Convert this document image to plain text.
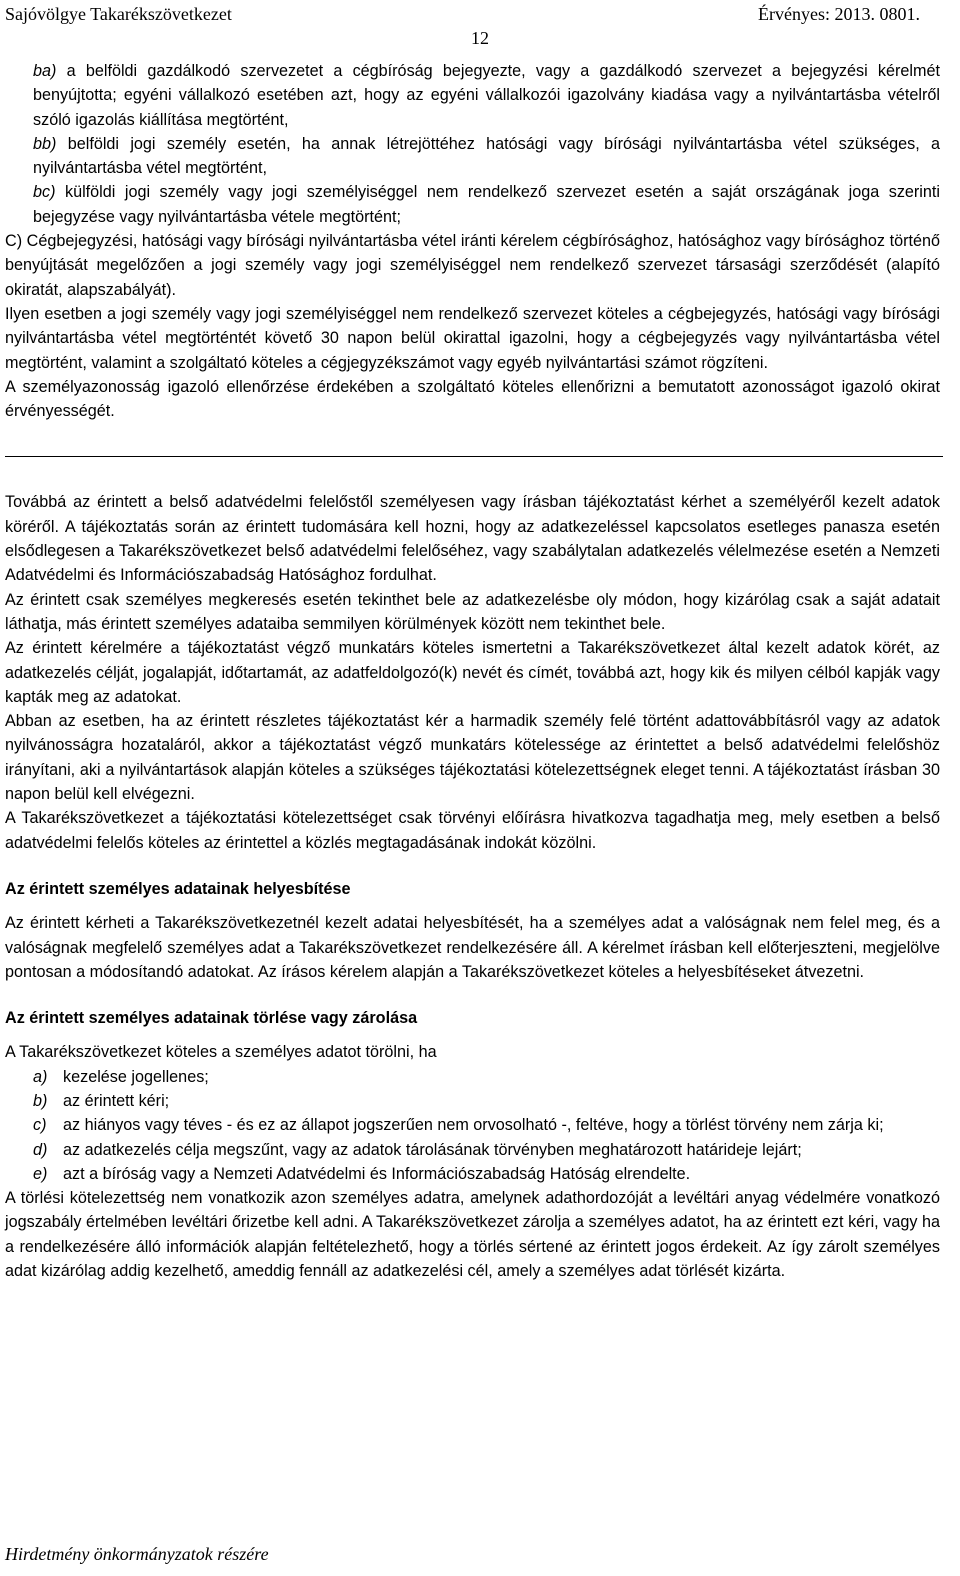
Sajóvölgye Takarékszövetkezet	Érvényes: 2013. 0801.
12

ba) a belföldi gazdálkodó szervezetet a cégbíróság bejegyezte, vagy a gazdálkodó szervezet a bejegyzési kérelmét benyújtotta; egyéni vállalkozó esetében azt, hogy az egyéni vállalkozói igazolvány kiadása vagy a nyilvántartásba vételről szóló igazolás kiállítása megtörtént,

bb) belföldi jogi személy esetén, ha annak létrejöttéhez hatósági vagy bírósági nyilvántartásba vétel szükséges, a nyilvántartásba vétel megtörtént,

bc) külföldi jogi személy vagy jogi személyiséggel nem rendelkező szervezet esetén a saját országának joga szerinti bejegyzése vagy nyilvántartásba vétele megtörtént;

C) Cégbejegyzési, hatósági vagy bírósági nyilvántartásba vétel iránti kérelem cégbírósághoz, hatósághoz vagy bírósághoz történő benyújtását megelőzően a jogi személy vagy jogi személyiséggel nem rendelkező szervezet társasági szerződését (alapító okiratát, alapszabályát).

Ilyen esetben a jogi személy vagy jogi személyiséggel nem rendelkező szervezet köteles a cégbejegyzés, hatósági vagy bírósági nyilvántartásba vétel megtörténtét követő 30 napon belül okirattal igazolni, hogy a cégbejegyzés vagy nyilvántartásba vétel megtörtént, valamint a szolgáltató köteles a cégjegyzékszámot vagy egyéb nyilvántartási számot rögzíteni.

A személyazonosság igazoló ellenőrzése érdekében a szolgáltató köteles ellenőrizni a bemutatott azonosságot igazoló okirat érvényességét.

Továbbá az érintett a belső adatvédelmi felelőstől személyesen vagy írásban tájékoztatást kérhet a személyéről kezelt adatok köréről. A tájékoztatás során az érintett tudomására kell hozni, hogy az adatkezeléssel kapcsolatos esetleges panasza esetén elsődlegesen a Takarékszövetkezet belső adatvédelmi felelőséhez, vagy szabálytalan adatkezelés vélelmezése esetén a Nemzeti Adatvédelmi és Információszabadság Hatósághoz fordulhat.

Az érintett csak személyes megkeresés esetén tekinthet bele az adatkezelésbe oly módon, hogy kizárólag csak a saját adatait láthatja, más érintett személyes adataiba semmilyen körülmények között nem tekinthet bele.

Az érintett kérelmére a tájékoztatást végző munkatárs köteles ismertetni a Takarékszövetkezet által kezelt adatok körét, az adatkezelés célját, jogalapját, időtartamát, az adatfeldolgozó(k) nevét és címét, továbbá azt, hogy kik és milyen célból kapják vagy kapták meg az adatokat.

Abban az esetben, ha az érintett részletes tájékoztatást kér a harmadik személy felé történt adattovábbításról vagy az adatok nyilvánosságra hozataláról, akkor a tájékoztatást végző munkatárs kötelessége az érintettet a belső adatvédelmi felelőshöz irányítani, aki a nyilvántartások alapján köteles a szükséges tájékoztatási kötelezettségnek eleget tenni. A tájékoztatást írásban 30 napon belül kell elvégezni.

A Takarékszövetkezet a tájékoztatási kötelezettséget csak törvényi előírásra hivatkozva tagadhatja meg, mely esetben a belső adatvédelmi felelős köteles az érintettel a közlés megtagadásának indokát közölni.

Az érintett személyes adatainak helyesbítése

Az érintett kérheti a Takarékszövetkezetnél kezelt adatai helyesbítését, ha a személyes adat a valóságnak nem felel meg, és a valóságnak megfelelő személyes adat a Takarékszövetkezet rendelkezésére áll. A kérelmet írásban kell előterjeszteni, megjelölve pontosan a módosítandó adatokat. Az írásos kérelem alapján a Takarékszövetkezet köteles a helyesbítéseket átvezetni.

Az érintett személyes adatainak törlése vagy zárolása

A Takarékszövetkezet köteles a személyes adatot törölni, ha

a) kezelése jogellenes;
b) az érintett kéri;
c)	az hiányos vagy téves - és ez az állapot jogszerűen nem orvosolható -, feltéve, hogy a törlést törvény nem zárja ki;
d) az adatkezelés célja megszűnt, vagy az adatok tárolásának törvényben meghatározott határideje lejárt;
e) azt a bíróság vagy a Nemzeti Adatvédelmi és Információszabadság Hatóság elrendelte.

A törlési kötelezettség nem vonatkozik azon személyes adatra, amelynek adathordozóját a levéltári anyag védelmére vonatkozó jogszabály értelmében levéltári őrizetbe kell adni. A Takarékszövetkezet zárolja a személyes adatot, ha az érintett ezt kéri, vagy ha a rendelkezésére álló információk alapján feltételezhető, hogy a törlés sértené az érintett jogos érdekeit. Az így zárolt személyes adat kizárólag addig kezelhető, ameddig fennáll az adatkezelési cél, amely a személyes adat törlését kizárta.

Hirdetmény önkormányzatok részére
